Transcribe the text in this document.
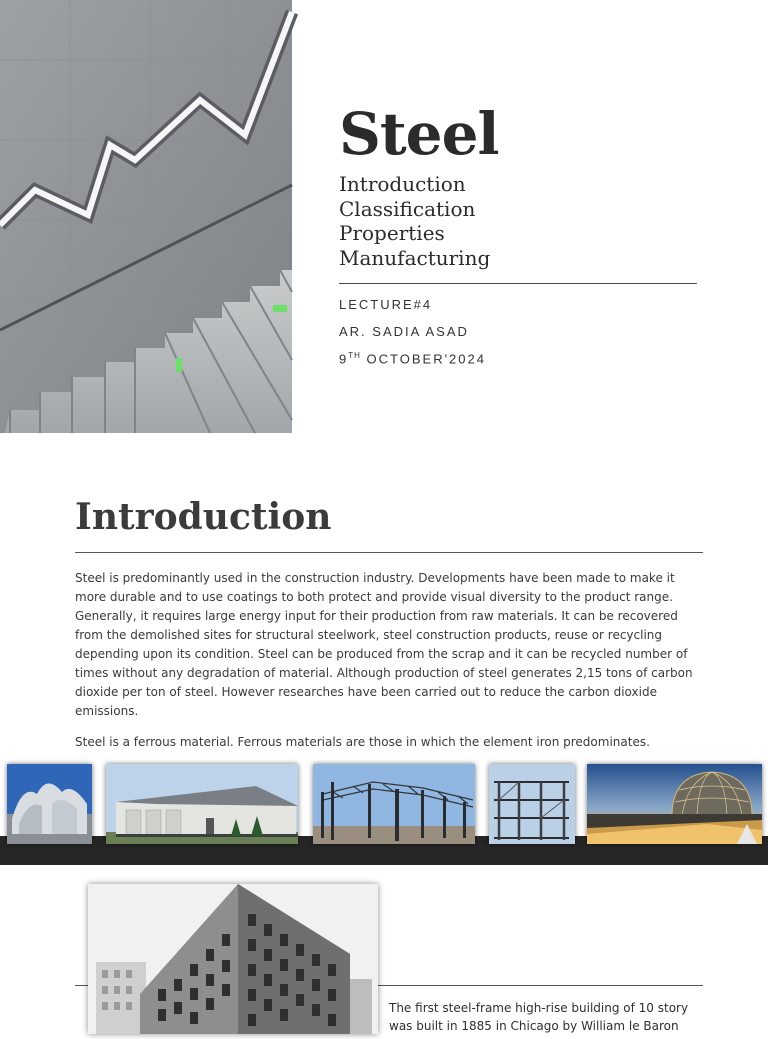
Steel
Introduction
Classification
Properties
Manufacturing
LECTURE#4
AR. SADIA ASAD
9TH OCTOBER'2024
Introduction

Steel is predominantly used in the construction industry. Developments have been made to make it more durable and to use coatings to both protect and provide visual diversity to the product range. Generally, it requires large energy input for their production from raw materials. It can be recovered from the demolished sites for structural steelwork, steel construction products, reuse or recycling depending upon its condition. Steel can be produced from the scrap and it can be recycled number of times without any degradation of material. Although production of steel generates 2,15 tons of carbon dioxide per ton of steel. However researches have been carried out to reduce the carbon dioxide emissions.

Steel is a ferrous material. Ferrous materials are those in which the element iron predominates.

The first steel-frame high-rise building of 10 story was built in 1885 in Chicago by William le Baron
